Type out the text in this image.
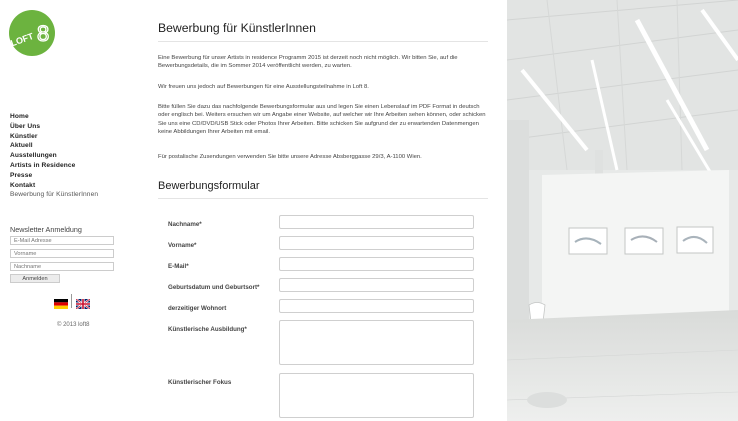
LOFT 8
Home
Über Uns
Künstler
Aktuell
Ausstellungen
Artists in Residence
Presse
Kontakt
Bewerbung für KünstlerInnen
Newsletter Anmeldung
E-Mail Adresse
Vorname
Nachname
Anmelden
© 2013 loft8
Bewerbung für KünstlerInnen

Eine Bewerbung für unser Artists in residence Programm 2015 ist derzeit noch nicht möglich. Wir bitten Sie, auf die Bewerbungsdetails, die im Sommer 2014 veröffentlicht werden, zu warten.

Wir freuen uns jedoch auf Bewerbungen für eine Ausstellungsteilnahme in Loft 8.

Bitte füllen Sie dazu das nachfolgende Bewerbungsformular aus und legen Sie einen Lebenslauf im PDF Format in deutsch oder englisch bei. Weiters ersuchen wir um Angabe einer Website, auf welcher wir Ihre Arbeiten sehen können, oder schicken Sie uns eine CD/DVD/USB Stick oder Photos Ihrer Arbeiten. Bitte schicken Sie aufgrund der zu erwartenden Datenmengen keine Abbildungen Ihrer Arbeiten mit email.

Für postalische Zusendungen verwenden Sie bitte unsere Adresse Absberggasse 29/3, A-1100 Wien.

Bewerbungsformular
Nachname*
Vorname*
E-Mail*
Geburtsdatum und Geburtsort*
derzeitiger Wohnort
Künstlerische Ausbildung*
Künstlerischer Fokus
